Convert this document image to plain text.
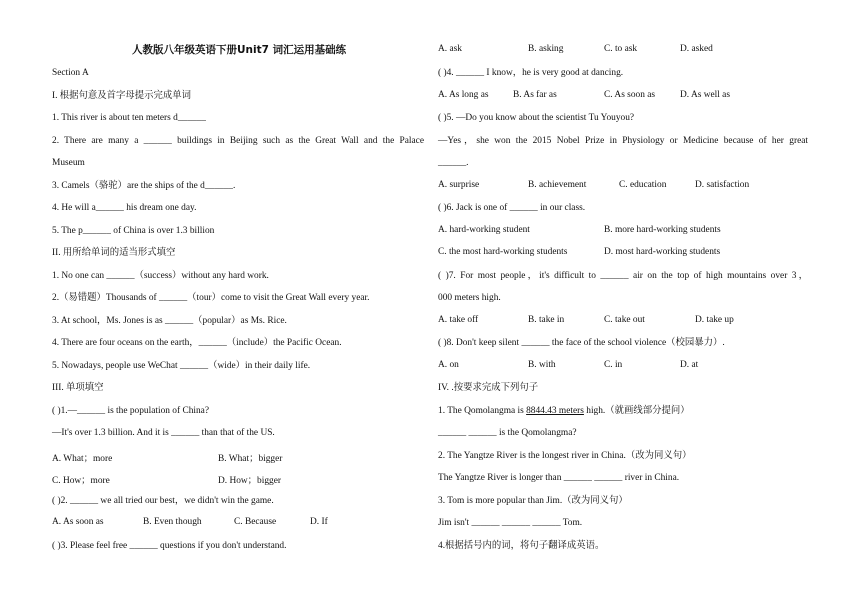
人教版八年级英语下册Unit7 词汇运用基础练
Section A
I. 根据句意及首字母提示完成单词
1. This river is about ten meters d______
2. There are many a ______ buildings in Beijing such as the Great Wall and the Palace
Museum
3. Camels（骆驼）are the ships of the d______.
4. He will a______ his dream one day.
5. The p______ of China is over 1.3 billion
II. 用所给单词的适当形式填空
1. No one can ______（success）without any hard work.
2.（易错题）Thousands of ______（tour）come to visit the Great Wall every year.
3. At school，Ms. Jones is as ______（popular）as Ms. Rice.
4. There are four oceans on the earth，______（include）the Pacific Ocean.
5. Nowadays, people use WeChat ______（wide）in their daily life.
III. 单项填空
( )1.—______ is the population of China?
—It's over 1.3 billion. And it is ______ than that of the US.
A. What；more	B. What；bigger
C. How；more	D. How；bigger
( )2. ______ we all tried our best，we didn't win the game.
A. As soon as	B. Even though	C. Because	D. If
( )3. Please feel free ______ questions if you don't understand.
A. ask	B. asking	C. to ask	D. asked
( )4. ______ I know，he is very good at dancing.
A. As long as	B. As far as	C. As soon as	D. As well as
( )5. —Do you know about the scientist Tu Youyou?
—Yes，she won the 2015 Nobel Prize in Physiology or Medicine because of her great
______.
A. surprise	B. achievement	C. education	D. satisfaction
( )6. Jack is one of ______ in our class.
A. hard-working student	B. more hard-working students
C. the most hard-working students	D. most hard-working students
( )7. For most people，it's difficult to ______ air on the top of high mountains over 3，
000 meters high.
A. take off	B. take in	C. take out	D. take up
( )8. Don't keep silent ______ the face of the school violence（校园暴力）.
A. on	B. with	C. in	D. at
IV. .按要求完成下列句子
1. The Qomolangma is 8844.43 meters high.（就画线部分提问）
______ ______ is the Qomolangma?
2. The Yangtze River is the longest river in China.（改为同义句）
The Yangtze River is longer than ______ ______ river in China.
3. Tom is more popular than Jim.（改为同义句）
Jim isn't ______ ______ ______ Tom.
4.根据括号内的词，将句子翻译成英语。
